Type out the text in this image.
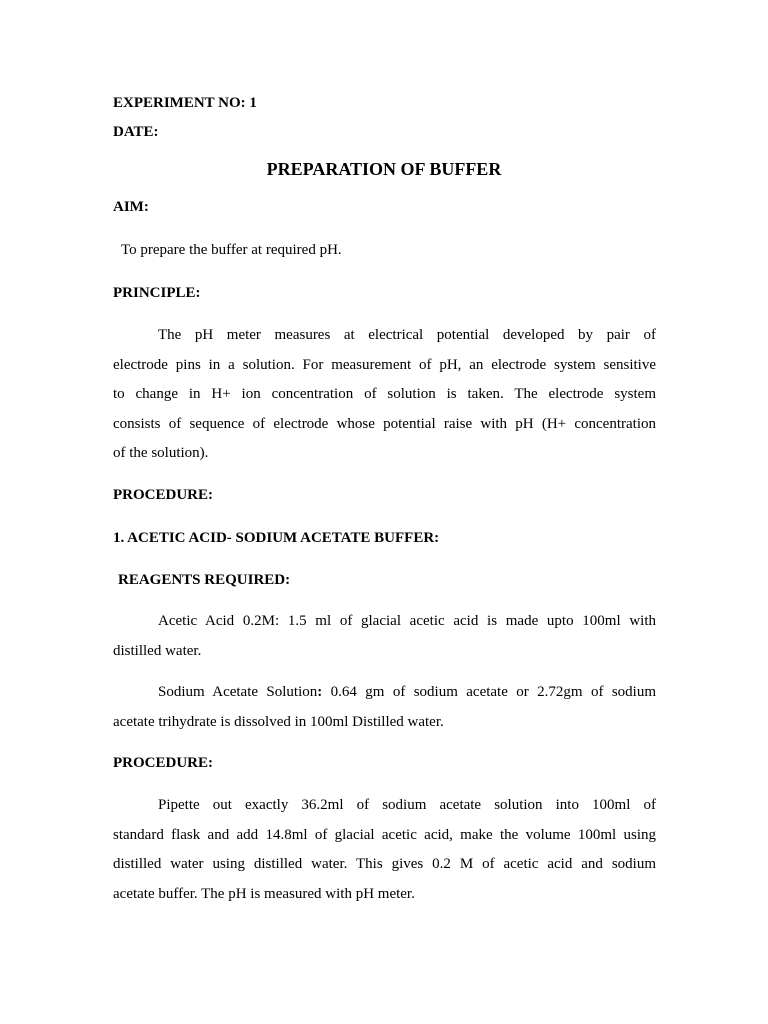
EXPERIMENT NO: 1
DATE:
PREPARATION OF BUFFER
AIM:
To prepare the buffer at required pH.
PRINCIPLE:
The pH meter measures at electrical potential developed by pair of
electrode pins in a solution. For measurement of pH, an electrode system sensitive
to change in H+ ion concentration of solution is taken. The electrode system
consists of sequence of electrode whose potential raise with pH (H+ concentration
of the solution).
PROCEDURE:
1. ACETIC ACID- SODIUM ACETATE BUFFER:
REAGENTS REQUIRED:
Acetic Acid 0.2M: 1.5 ml of glacial acetic acid is made upto 100ml with
distilled water.
Sodium Acetate Solution: 0.64 gm of sodium acetate or 2.72gm of sodium
acetate trihydrate is dissolved in 100ml Distilled water.
PROCEDURE:
Pipette out exactly 36.2ml of sodium acetate solution into 100ml of
standard flask and add 14.8ml of glacial acetic acid, make the volume 100ml using
distilled water using distilled water. This gives 0.2 M of acetic acid and sodium
acetate buffer. The pH is measured with pH meter.
